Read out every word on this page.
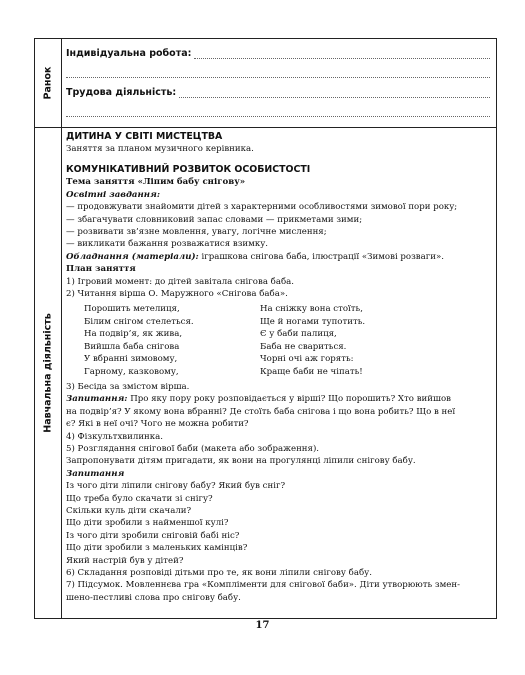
Ранок
Індивідуальна робота:
Трудова діяльність:
Навчальна діяльність
ДИТИНА У СВІТІ МИСТЕЦТВА
Заняття за планом музичного керівника.
КОМУНІКАТИВНИЙ РОЗВИТОК ОСОБИСТОСТІ
Тема заняття «Ліпим бабу снігову»
Освітні завдання:
— продовжувати знайомити дітей з характерними особливостями зимової пори року;
— збагачувати словниковий запас словами — прикметами зими;
— розвивати зв’язне мовлення, увагу, логічне мислення;
— викликати бажання розважатися взимку.
Обладнання (матеріали): іграшкова снігова баба, ілюстрації «Зимові розваги».
План заняття
1) Ігровий момент: до дітей завітала снігова баба.
2) Читання вірша О. Маружного «Снігова баба».
Порошить метелиця,
Білим снігом стелеться.
На подвір’я, як жива,
Вийшла баба снігова
У вбранні зимовому,
Гарному, казковому,
На сніжку вона стоїть,
Ще й ногами тупотить.
Є у баби палиця,
Баба не свариться.
Чорні очі аж горять:
Краще баби не чіпать!
3) Бесіда за змістом вірша.
Запитання: Про яку пору року розповідається у вірші? Що порошить? Хто вийшов
на подвір’я? У якому вона вбранні? Де стоїть баба снігова і що вона робить? Що в неї
є? Які в неї очі? Чого не можна робити?
4) Фізкультхвилинка.
5) Розглядання снігової баби (макета або зображення).
Запропонувати дітям пригадати, як вони на прогулянці ліпили снігову бабу.
Запитання
Із чого діти ліпили снігову бабу? Який був сніг?
Що треба було скачати зі снігу?
Скільки куль діти скачали?
Що діти зробили з найменшої кулі?
Із чого діти зробили сніговій бабі ніс?
Що діти зробили з маленьких камінців?
Який настрій був у дітей?
6) Складання розповіді дітьми про те, як вони ліпили снігову бабу.
7) Підсумок. Мовленнєва гра «Компліменти для снігової баби». Діти утворюють змен-
шено-пестливі слова про снігову бабу.
17
